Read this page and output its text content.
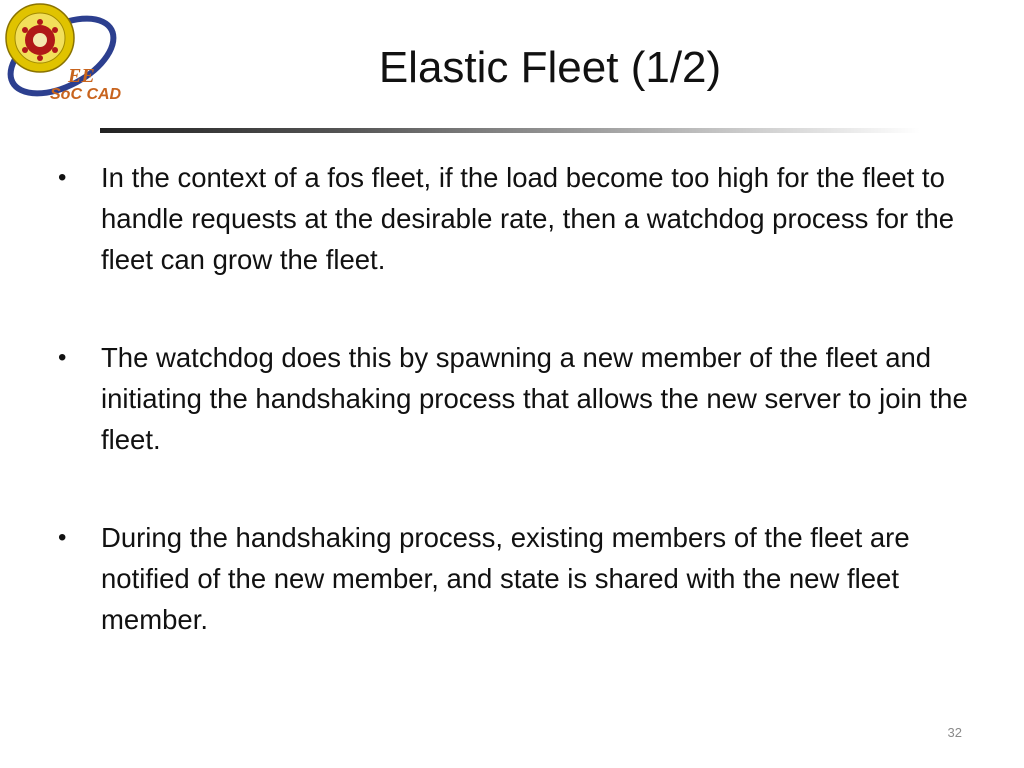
EE
SoC CAD
Elastic Fleet (1/2)
• In the context of a fos fleet, if the load become too high for the fleet to handle requests at the desirable rate, then a watchdog process for the fleet can grow the fleet.
• The watchdog does this by spawning a new member of the fleet and initiating the handshaking process that allows the new server to join the fleet.
• During the handshaking process, existing members of the fleet are notified of the new member, and state is shared with the new fleet member.
32
